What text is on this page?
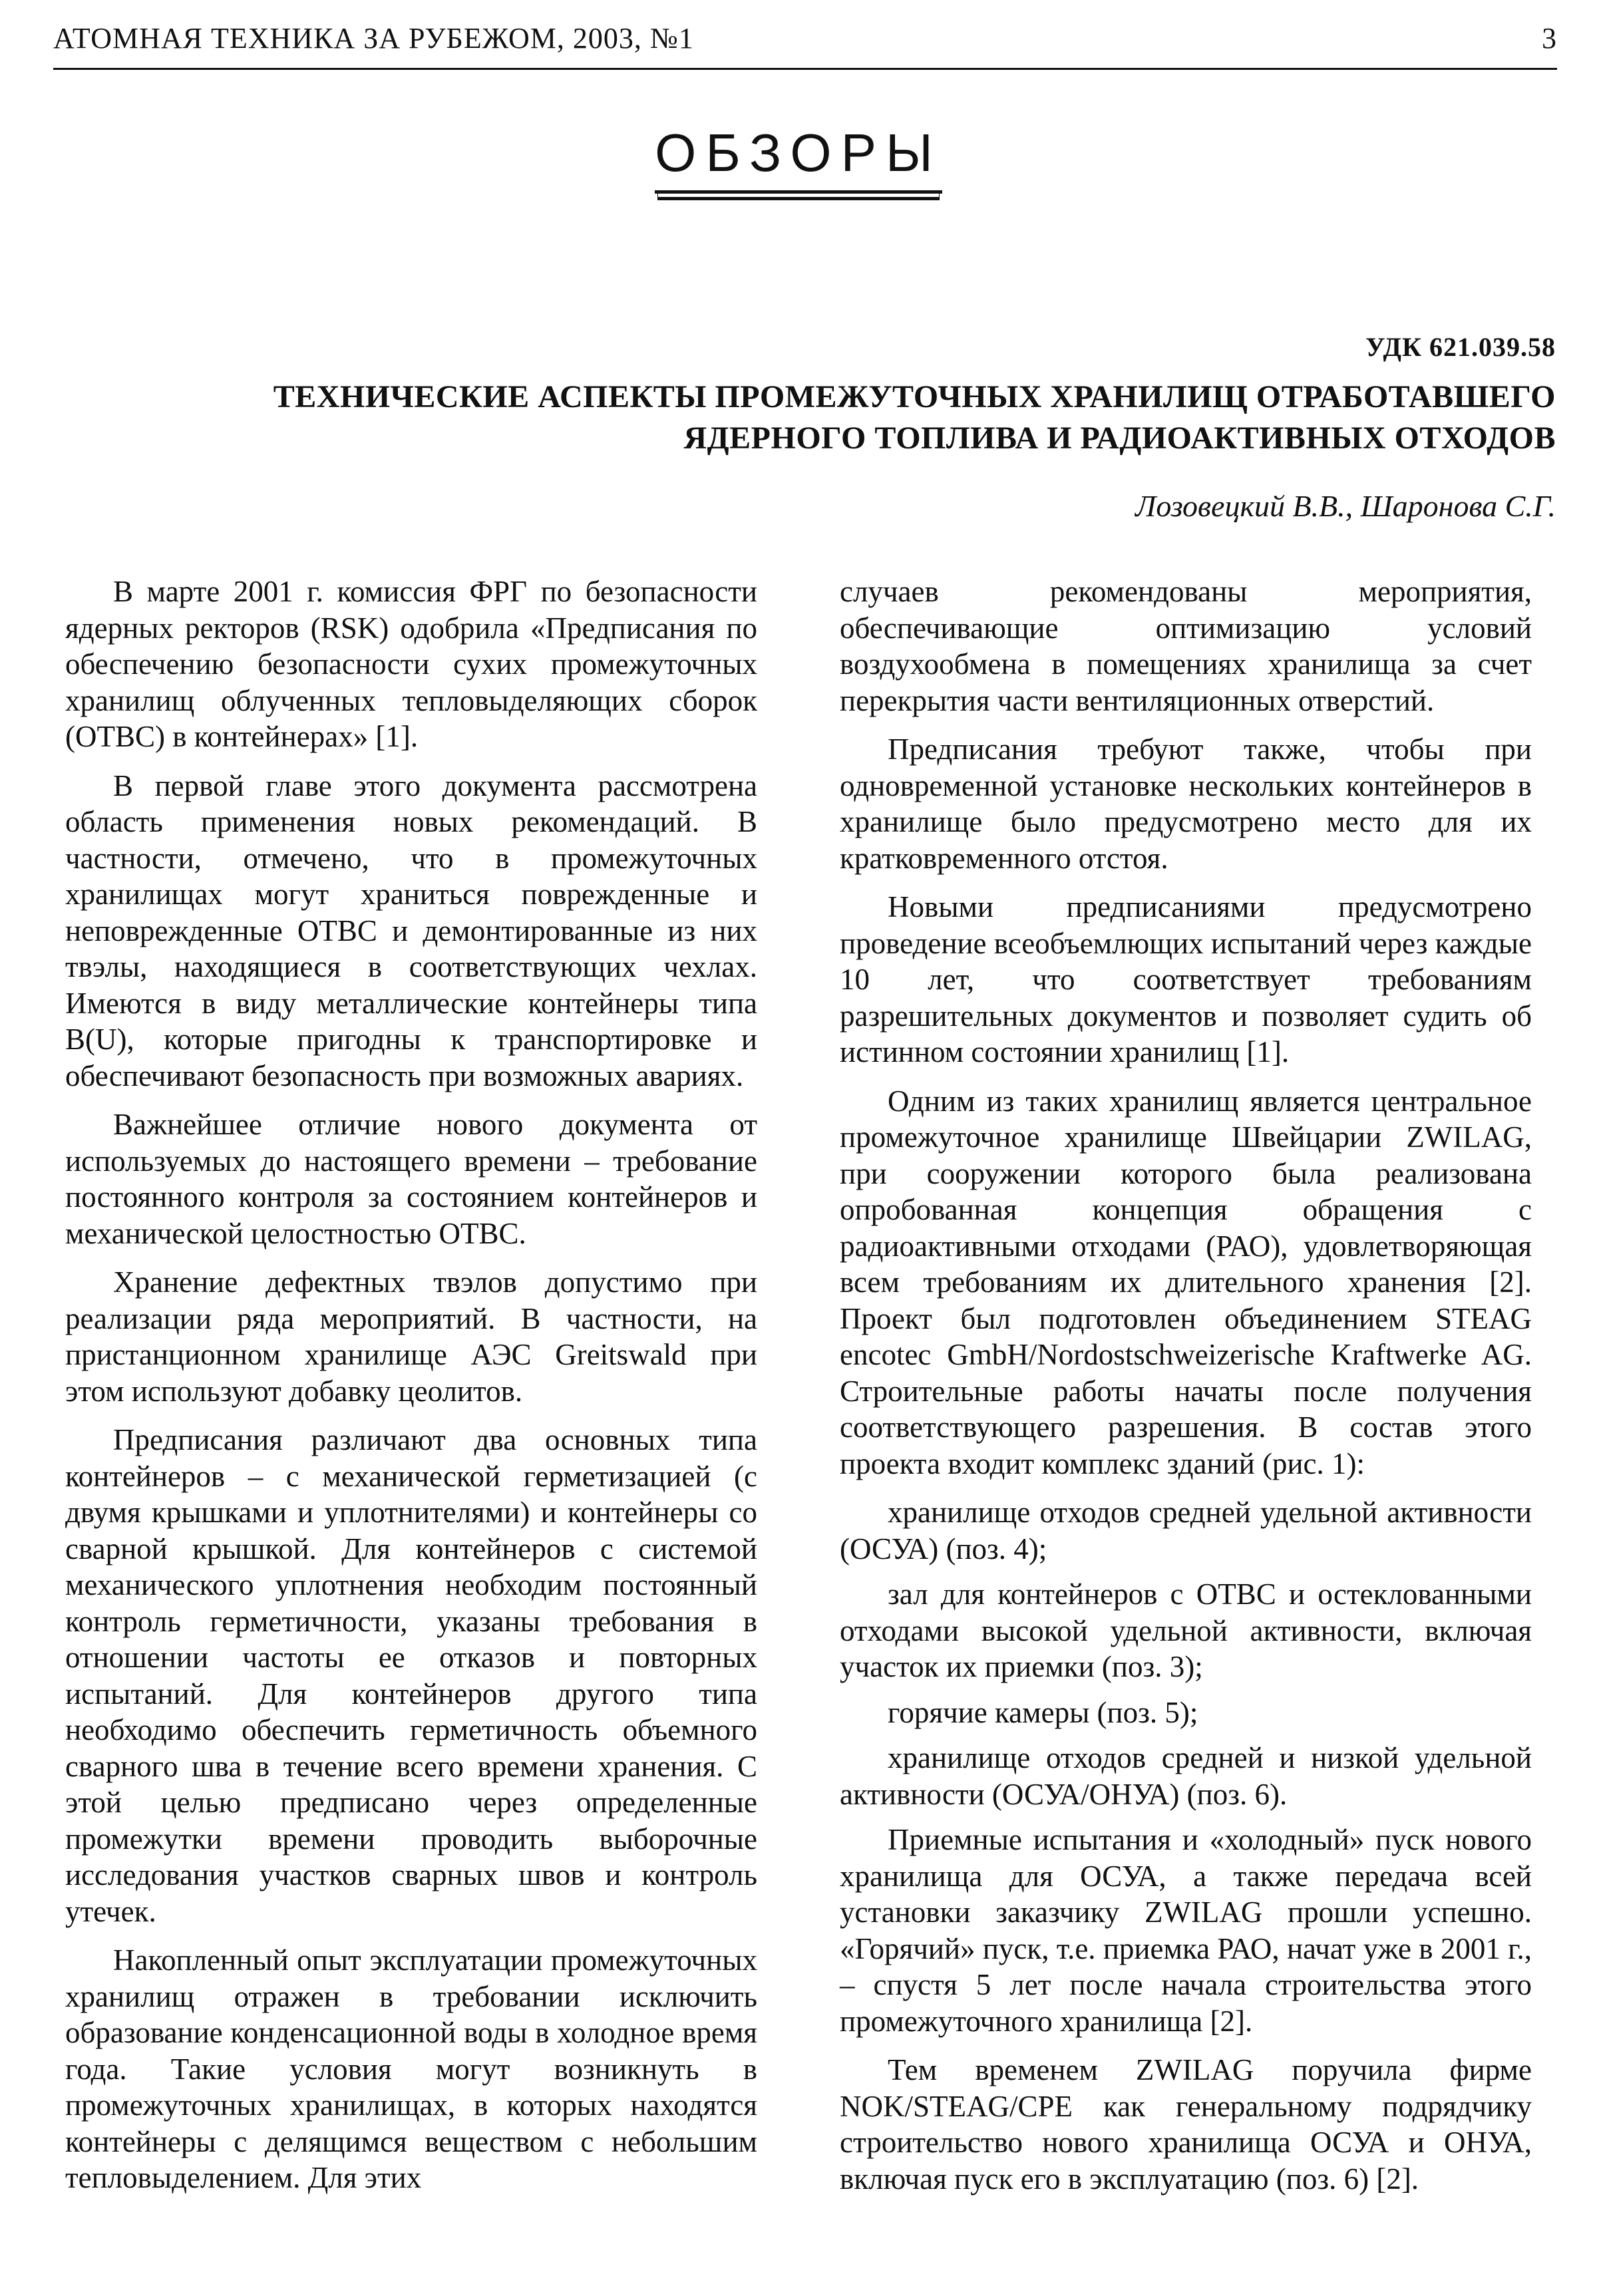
АТОМНАЯ ТЕХНИКА ЗА РУБЕЖОМ, 2003, №1	3
ОБЗОРЫ
УДК 621.039.58
ТЕХНИЧЕСКИЕ АСПЕКТЫ ПРОМЕЖУТОЧНЫХ ХРАНИЛИЩ ОТРАБОТАВШЕГО
ЯДЕРНОГО ТОПЛИВА И РАДИОАКТИВНЫХ ОТХОДОВ
Лозовецкий В.В., Шаронова С.Г.

В марте 2001 г. комиссия ФРГ по безопасности ядерных ректоров (RSK) одобрила «Предписания по обеспечению безопасности сухих промежуточных хранилищ облученных тепловыделяющих сборок (ОТВС) в контейнерах» [1].

В первой главе этого документа рассмотрена область применения новых рекомендаций. В частности, отмечено, что в промежуточных хранилищах могут храниться поврежденные и неповрежденные ОТВС и демонтированные из них твэлы, находящиеся в соответствующих чехлах. Имеются в виду металлические контейнеры типа B(U), которые пригодны к транспортировке и обеспечивают безопасность при возможных авариях.

Важнейшее отличие нового документа от используемых до настоящего времени – требование постоянного контроля за состоянием контейнеров и механической целостностью ОТВС.

Хранение дефектных твэлов допустимо при реализации ряда мероприятий. В частности, на пристанционном хранилище АЭС Greitswald при этом используют добавку цеолитов.

Предписания различают два основных типа контейнеров – с механической герметизацией (с двумя крышками и уплотнителями) и контейнеры со сварной крышкой. Для контейнеров с системой механического уплотнения необходим постоянный контроль герметичности, указаны требования в отношении частоты ее отказов и повторных испытаний. Для контейнеров другого типа необходимо обеспечить герметичность объемного сварного шва в течение всего времени хранения. С этой целью предписано через определенные промежутки времени проводить выборочные исследования участков сварных швов и контроль утечек.

Накопленный опыт эксплуатации промежуточных хранилищ отражен в требовании исключить образование конденсационной воды в холодное время года. Такие условия могут возникнуть в промежуточных хранилищах, в которых находятся контейнеры с делящимся веществом с небольшим тепловыделением. Для этих

случаев рекомендованы мероприятия, обеспечивающие оптимизацию условий воздухообмена в помещениях хранилища за счет перекрытия части вентиляционных отверстий.

Предписания требуют также, чтобы при одновременной установке нескольких контейнеров в хранилище было предусмотрено место для их кратковременного отстоя.

Новыми предписаниями предусмотрено проведение всеобъемлющих испытаний через каждые 10 лет, что соответствует требованиям разрешительных документов и позволяет судить об истинном состоянии хранилищ [1].

Одним из таких хранилищ является центральное промежуточное хранилище Швейцарии ZWILAG, при сооружении которого была реализована опробованная концепция обращения с радиоактивными отходами (РАО), удовлетворяющая всем требованиям их длительного хранения [2]. Проект был подготовлен объединением STEAG encotec GmbH/Nordostschweizerische Kraftwerke AG. Строительные работы начаты после получения соответствующего разрешения. В состав этого проекта входит комплекс зданий (рис. 1):

хранилище отходов средней удельной активности (ОСУА) (поз. 4);

зал для контейнеров с ОТВС и остеклованными отходами высокой удельной активности, включая участок их приемки (поз. 3);

горячие камеры (поз. 5);

хранилище отходов средней и низкой удельной активности (ОСУА/ОНУА) (поз. 6).

Приемные испытания и «холодный» пуск нового хранилища для ОСУА, а также передача всей установки заказчику ZWILAG прошли успешно. «Горячий» пуск, т.е. приемка РАО, начат уже в 2001 г., – спустя 5 лет после начала строительства этого промежуточного хранилища [2].

Тем временем ZWILAG поручила фирме NOK/STEAG/CPE как генеральному подрядчику строительство нового хранилища ОСУА и ОНУА, включая пуск его в эксплуатацию (поз. 6) [2].
